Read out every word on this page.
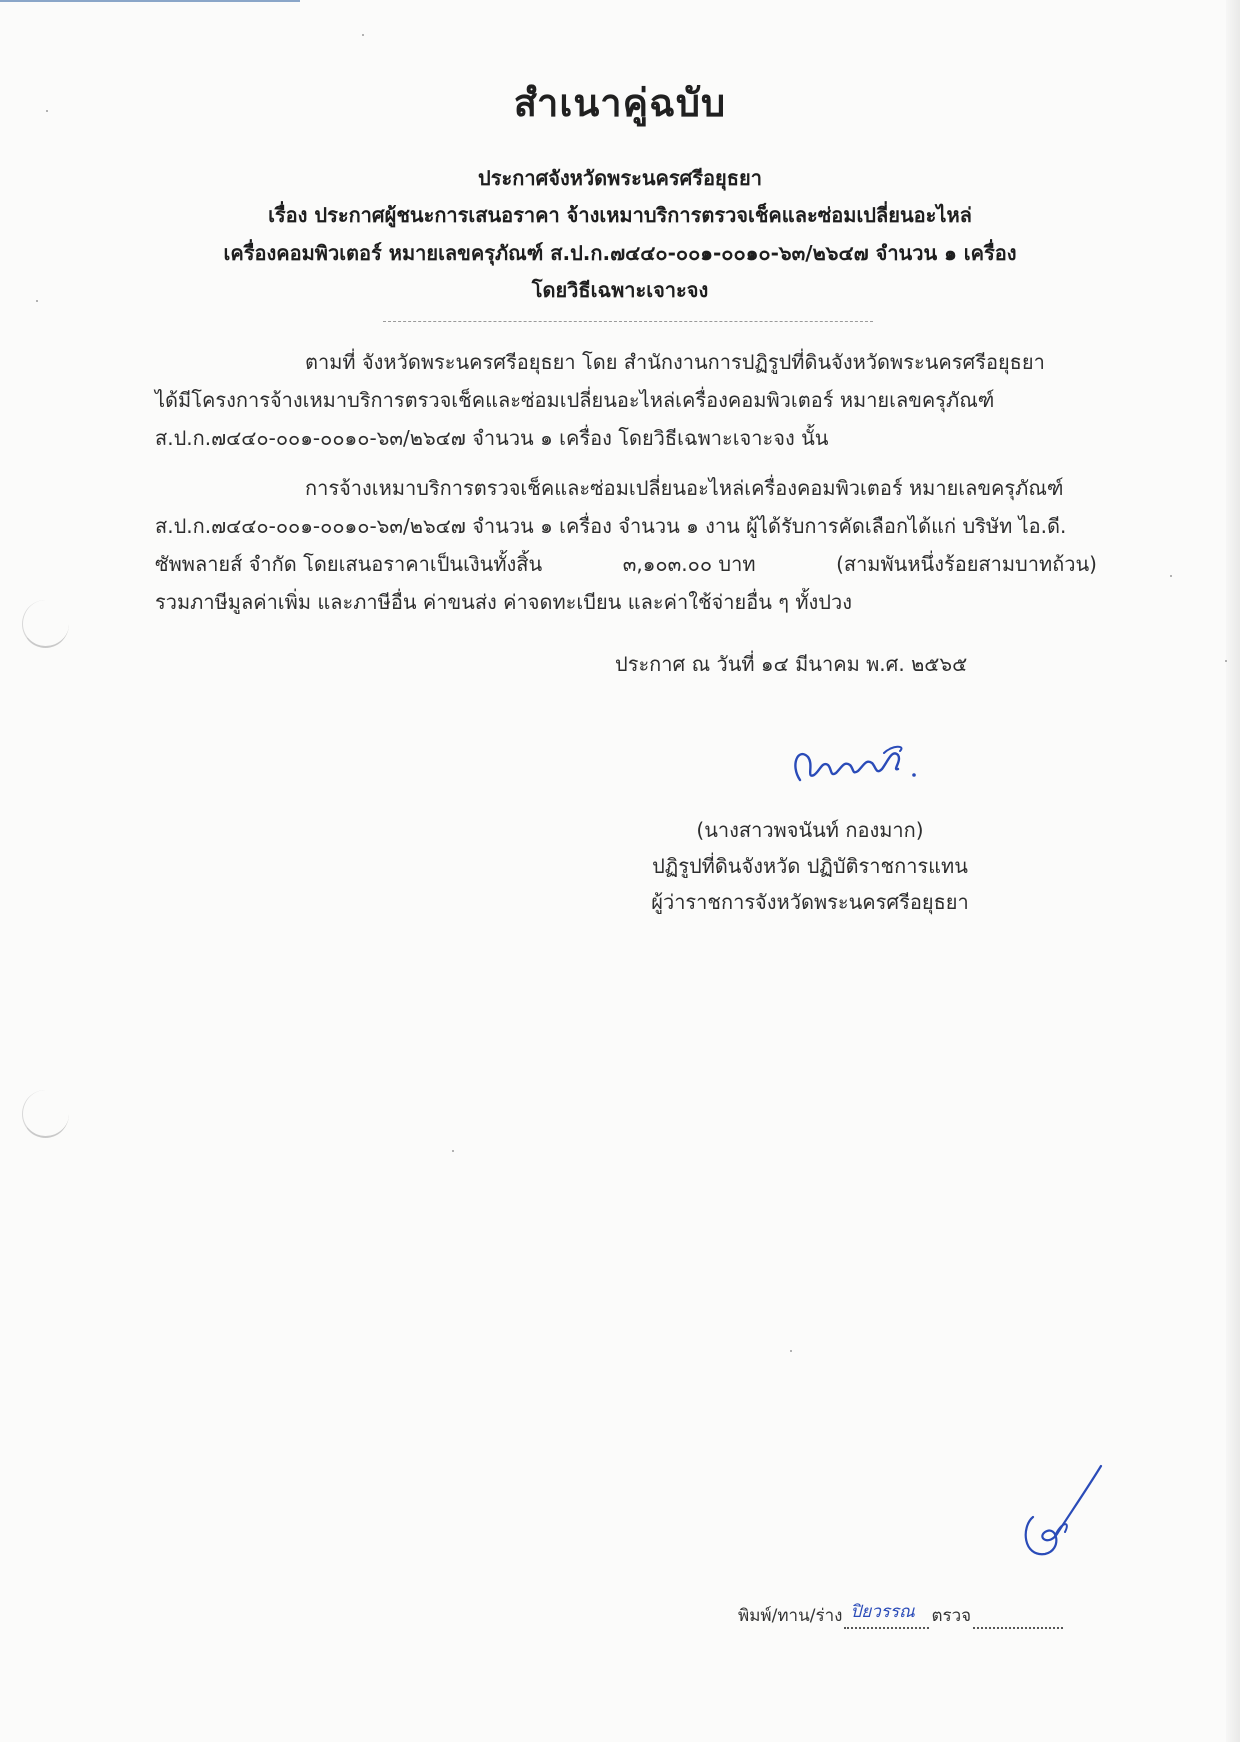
สำเนาคู่ฉบับ
ประกาศจังหวัดพระนครศรีอยุธยา
เรื่อง ประกาศผู้ชนะการเสนอราคา จ้างเหมาบริการตรวจเช็คและซ่อมเปลี่ยนอะไหล่
เครื่องคอมพิวเตอร์ หมายเลขครุภัณฑ์ ส.ป.ก.๗๔๔๐-๐๐๑-๐๐๑๐-๖๓/๒๖๔๗ จำนวน ๑ เครื่อง
โดยวิธีเฉพาะเจาะจง
ตามที่ จังหวัดพระนครศรีอยุธยา โดย สำนักงานการปฏิรูปที่ดินจังหวัดพระนครศรีอยุธยา
ได้มีโครงการจ้างเหมาบริการตรวจเช็คและซ่อมเปลี่ยนอะไหล่เครื่องคอมพิวเตอร์ หมายเลขครุภัณฑ์
ส.ป.ก.๗๔๔๐-๐๐๑-๐๐๑๐-๖๓/๒๖๔๗ จำนวน ๑ เครื่อง โดยวิธีเฉพาะเจาะจง นั้น
การจ้างเหมาบริการตรวจเช็คและซ่อมเปลี่ยนอะไหล่เครื่องคอมพิวเตอร์ หมายเลขครุภัณฑ์
ส.ป.ก.๗๔๔๐-๐๐๑-๐๐๑๐-๖๓/๒๖๔๗ จำนวน ๑ เครื่อง จำนวน ๑ งาน ผู้ได้รับการคัดเลือกได้แก่ บริษัท ไอ.ดี.
ซัพพลายส์ จำกัด โดยเสนอราคาเป็นเงินทั้งสิ้น	๓,๑๐๓.๐๐ บาท	(สามพันหนึ่งร้อยสามบาทถ้วน)
รวมภาษีมูลค่าเพิ่ม และภาษีอื่น ค่าขนส่ง ค่าจดทะเบียน และค่าใช้จ่ายอื่น ๆ ทั้งปวง
ประกาศ ณ วันที่ ๑๔ มีนาคม พ.ศ. ๒๕๖๕
(นางสาวพจนันท์ กองมาก)
ปฏิรูปที่ดินจังหวัด ปฏิบัติราชการแทน
ผู้ว่าราชการจังหวัดพระนครศรีอยุธยา
พิมพ์/ทาน/ร่าง ปิยวรรณ ตรวจ
